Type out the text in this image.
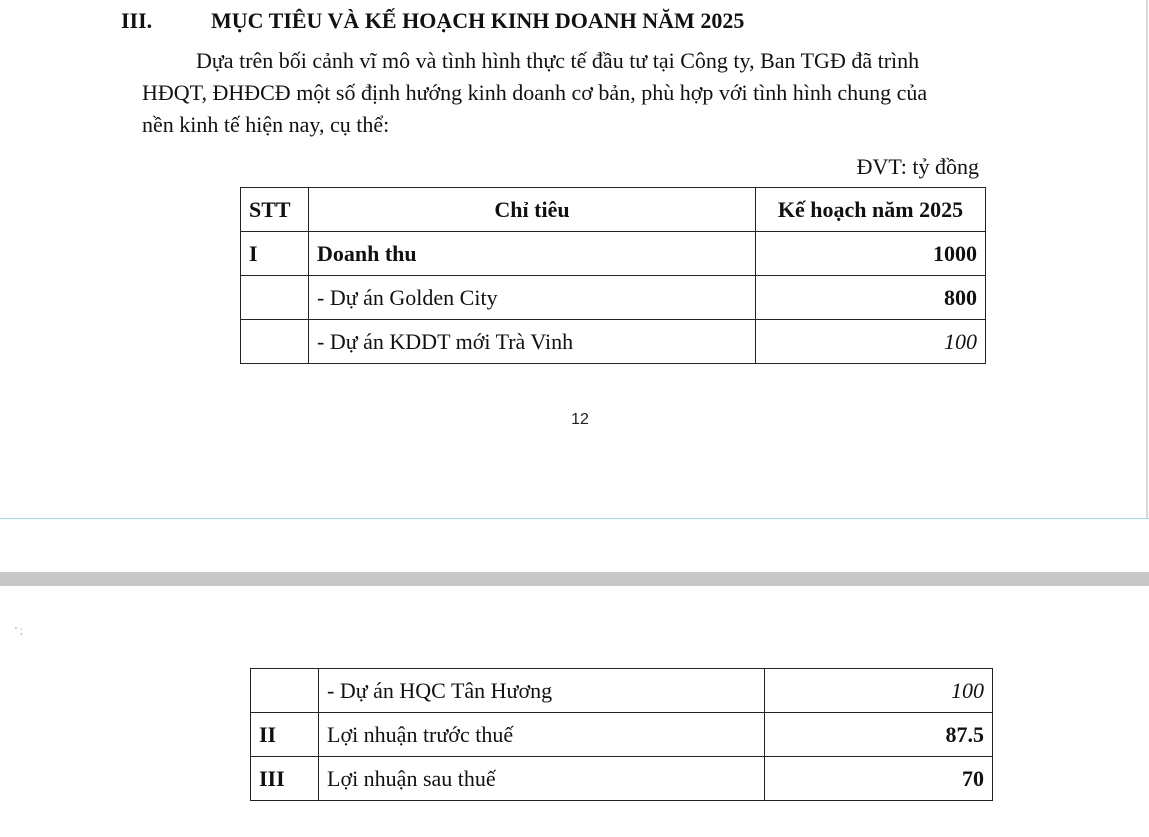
III.	MỤC TIÊU VÀ KẾ HOẠCH KINH DOANH NĂM 2025
Dựa trên bối cảnh vĩ mô và tình hình thực tế đầu tư tại Công ty, Ban TGĐ đã trình
HĐQT, ĐHĐCĐ một số định hướng kinh doanh cơ bản, phù hợp với tình hình chung của
nền kinh tế hiện nay, cụ thể:
ĐVT: tỷ đồng
STT	Chỉ tiêu	Kế hoạch năm 2025
I	Doanh thu	1000
	- Dự án Golden City	800
	- Dự án KDDT mới Trà Vinh	100
12
' ;
	- Dự án HQC Tân Hương	100
II	Lợi nhuận trước thuế	87.5
III	Lợi nhuận sau thuế	70
